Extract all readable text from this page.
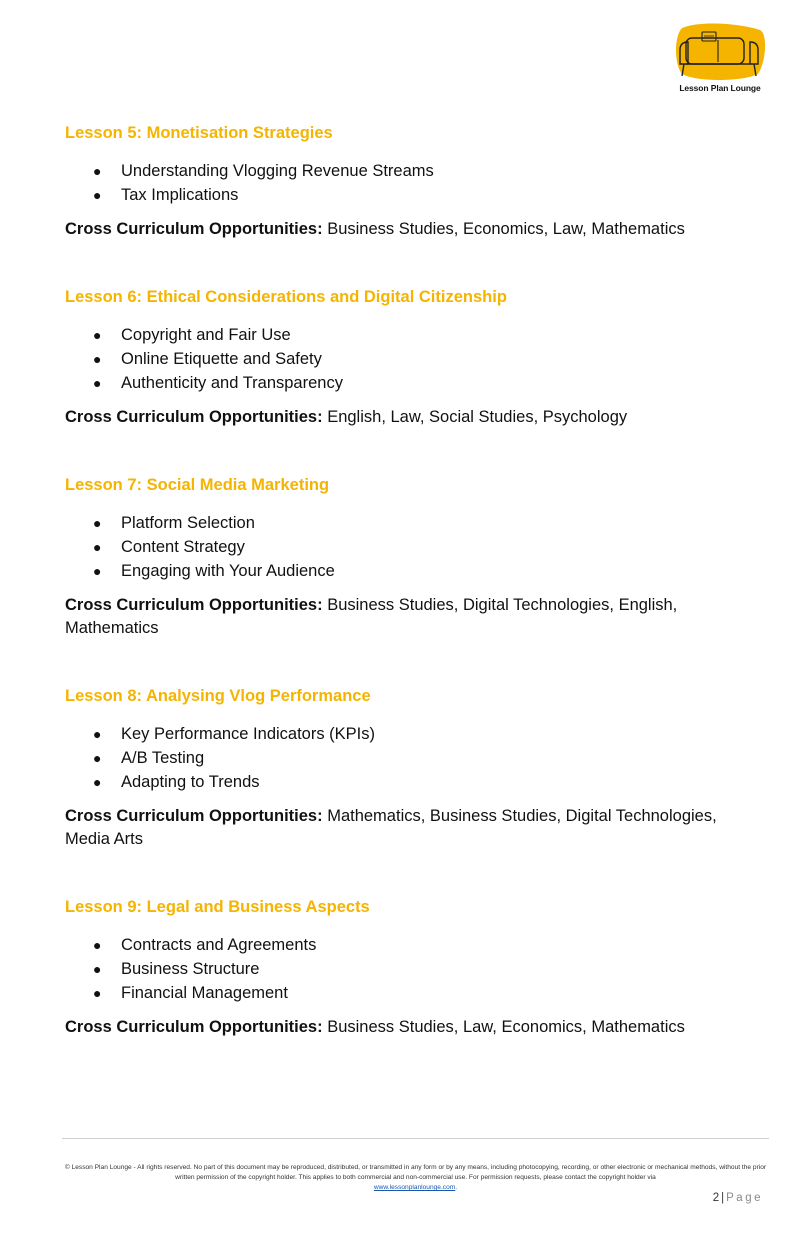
Lesson Plan Lounge
Lesson 5: Monetisation Strategies
● Understanding Vlogging Revenue Streams
● Tax Implications

Cross Curriculum Opportunities: Business Studies, Economics, Law, Mathematics

Lesson 6: Ethical Considerations and Digital Citizenship
● Copyright and Fair Use
● Online Etiquette and Safety
● Authenticity and Transparency

Cross Curriculum Opportunities: English, Law, Social Studies, Psychology

Lesson 7: Social Media Marketing
● Platform Selection
● Content Strategy
● Engaging with Your Audience

Cross Curriculum Opportunities: Business Studies, Digital Technologies, English, Mathematics

Lesson 8: Analysing Vlog Performance
● Key Performance Indicators (KPIs)
● A/B Testing
● Adapting to Trends

Cross Curriculum Opportunities: Mathematics, Business Studies, Digital Technologies, Media Arts

Lesson 9: Legal and Business Aspects
● Contracts and Agreements
● Business Structure
● Financial Management

Cross Curriculum Opportunities: Business Studies, Law, Economics, Mathematics

© Lesson Plan Lounge - All rights reserved. No part of this document may be reproduced, distributed, or transmitted in any form or by any means, including photocopying, recording, or other electronic or mechanical methods, without the prior written permission of the copyright holder. This applies to both commercial and non-commercial use. For permission requests, please contact the copyright holder via
www.lessonplanlounge.com.
2 | Page
